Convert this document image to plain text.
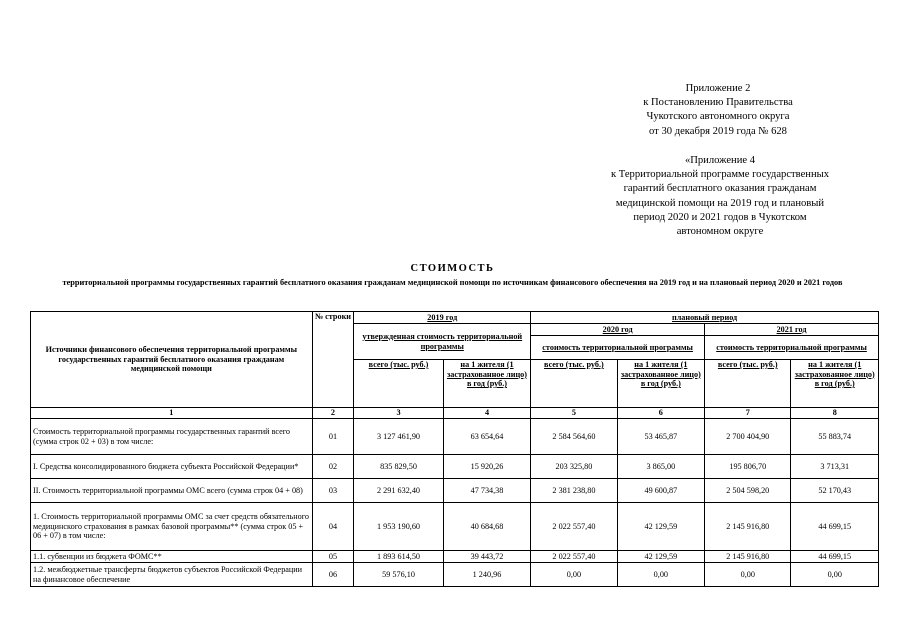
Приложение 2
к Постановлению Правительства
Чукотского автономного округа
от 30 декабря 2019 года № 628
«Приложение 4
к Территориальной программе государственных
гарантий бесплатного оказания гражданам
медицинской помощи на 2019 год и плановый
период 2020 и 2021 годов в Чукотском
автономном округе
СТОИМОСТЬ
территориальной программы государственных гарантий бесплатного оказания гражданам медицинской помощи по источникам финансового обеспечения на 2019 год и на плановый период 2020 и 2021 годов
Источники финансового обеспечения территориальной программы государственных гарантий бесплатного оказания гражданам медицинской помощи	№ строки	2019 год		плановый период			
		утвержденная стоимость территориальной программы		2020 год		2021 год	
				стоимость территориальной программы		стоимость территориальной программы	
		всего (тыс. руб.)	на 1 жителя (1 застрахованное лицо) в год (руб.)	всего (тыс. руб.)	на 1 жителя (1 застрахованное лицо) в год (руб.)	всего (тыс. руб.)	на 1 жителя (1 застрахованное лицо) в год (руб.)
1	2	3	4	5	6	7	8
Стоимость территориальной программы государственных гарантий всего (сумма строк 02 + 03) в том числе:	01	3 127 461,90	63 654,64	2 584 564,60	53 465,87	2 700 404,90	55 883,74
I. Средства консолидированного бюджета субъекта Российской Федерации*	02	835 829,50	15 920,26	203 325,80	3 865,00	195 806,70	3 713,31
II. Стоимость территориальной программы ОМС всего (сумма строк 04 + 08)	03	2 291 632,40	47 734,38	2 381 238,80	49 600,87	2 504 598,20	52 170,43
1. Стоимость территориальной программы ОМС за счет средств обязательного медицинского страхования в рамках базовой программы** (сумма строк 05 + 06 + 07) в том числе:	04	1 953 190,60	40 684,68	2 022 557,40	42 129,59	2 145 916,80	44 699,15
1.1. субвенции из бюджета ФОМС**	05	1 893 614,50	39 443,72	2 022 557,40	42 129,59	2 145 916,80	44 699,15
1.2. межбюджетные трансферты бюджетов субъектов Российской Федерации на финансовое обеспечение	06	59 576,10	1 240,96	0,00	0,00	0,00	0,00
